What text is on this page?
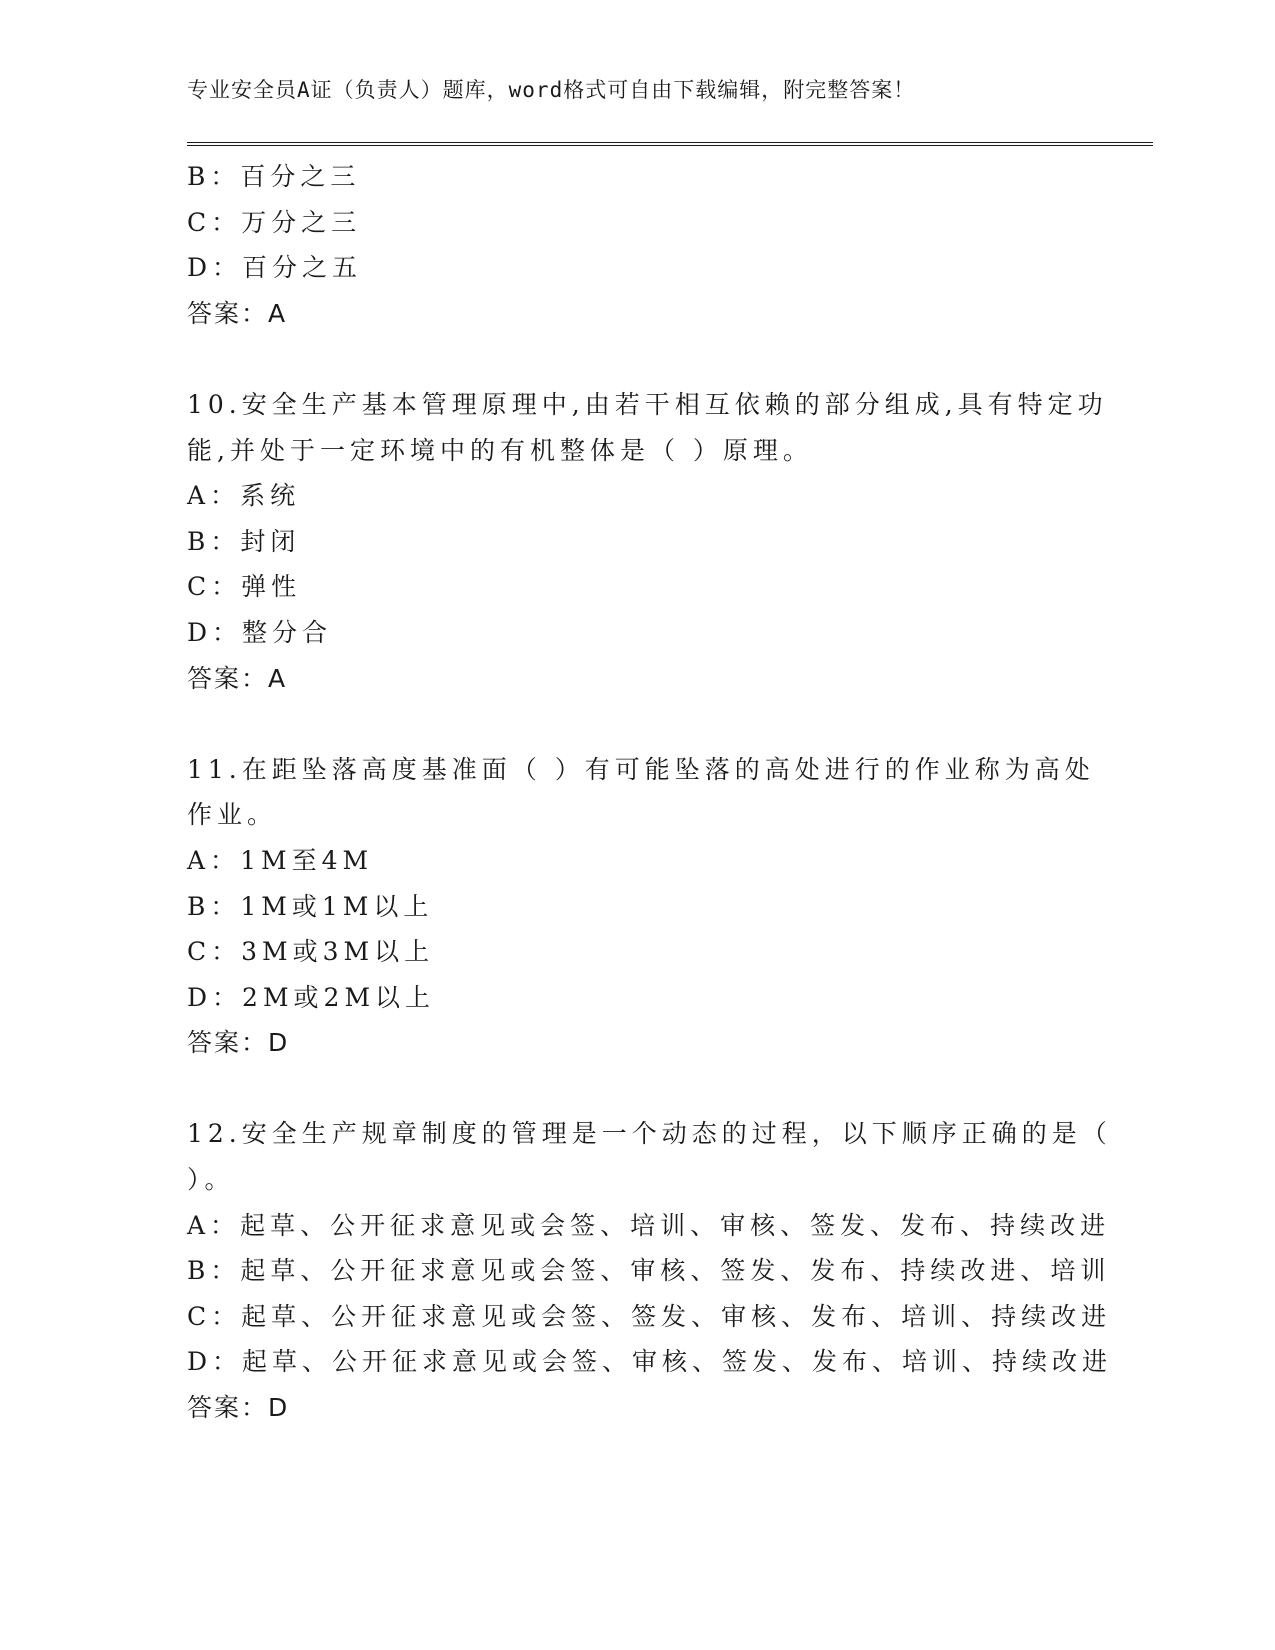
专业安全员A证（负责人）题库，word格式可自由下载编辑，附完整答案！
B：百分之三
C：万分之三
D：百分之五
答案：A
10.安全生产基本管理原理中,由若干相互依赖的部分组成,具有特定功
能,并处于一定环境中的有机整体是（ ）原理。
A：系统
B：封闭
C：弹性
D：整分合
答案：A
11.在距坠落高度基准面（ ）有可能坠落的高处进行的作业称为高处
作业。
A：1M至4M
B：1M或1M以上
C：3M或3M以上
D：2M或2M以上
答案：D
12.安全生产规章制度的管理是一个动态的过程，以下顺序正确的是（
）。
A：起草、公开征求意见或会签、培训、审核、签发、发布、持续改进
B：起草、公开征求意见或会签、审核、签发、发布、持续改进、培训
C：起草、公开征求意见或会签、签发、审核、发布、培训、持续改进
D：起草、公开征求意见或会签、审核、签发、发布、培训、持续改进
答案：D
